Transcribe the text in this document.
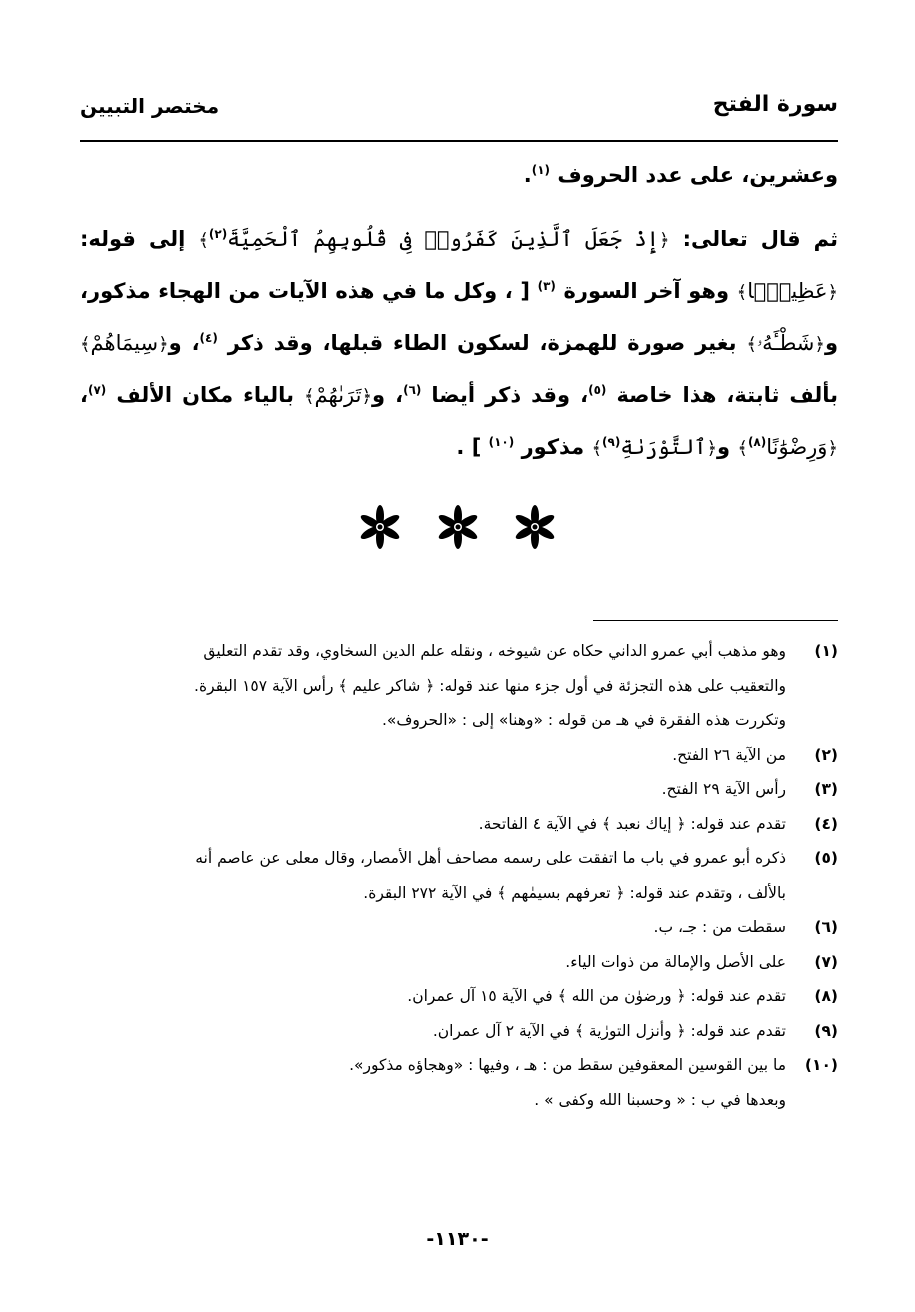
سورة الفتح
مختصر التبيين

وعشرين، على عدد الحروف $^{(١)}$.

ثم قال تعالى: ﴿إِذْ جَعَلَ ٱلَّذِينَ كَفَرُوا۟ فِى قُلُوبِهِمُ ٱلْحَمِيَّةَ$^{(٢)}$﴾ إلى قوله: ﴿عَظِيمًۢا﴾ وهو آخر السورة $^{(٣)}$ [ ، وكل ما في هذه الآيات من الهجاء مذكور، و﴿شَطْـَٔهُۥ﴾ بغير صورة للهمزة، لسكون الطاء قبلها، وقد ذكر $^{(٤)}$، و﴿سِيمَاهُمْ﴾ بألف ثابتة، هذا خاصة $^{(٥)}$، وقد ذكر أيضا $^{(٦)}$، و﴿تَرَىٰهُمْ﴾ بالياء مكان الألف $^{(٧)}$، ﴿وَرِضْوَٰنًا$^{(٨)}$﴾ و﴿ٱلتَّوْرَىٰةِ$^{(٩)}$﴾ مذكور $^{(١٠)}$ ] .

(١)
وهو مذهب أبي عمرو الداني حكاه عن شيوخه ، ونقله علم الدين السخاوي، وقد تقدم التعليق
والتعقيب على هذه التجزئة في أول جزء منها عند قوله: ﴿ شاكر عليم ﴾ رأس الآية ١٥٧ البقرة.
وتكررت هذه الفقرة في هـ من قوله : «وهنا» إلى : «الحروف».
(٢)
من الآية ٢٦ الفتح.
(٣)
رأس الآية ٢٩ الفتح.
(٤)
تقدم عند قوله: ﴿ إياك نعبد ﴾ في الآية ٤ الفاتحة.
(٥)
ذكره أبو عمرو في باب ما اتفقت على رسمه مصاحف أهل الأمصار، وقال معلى عن عاصم أنه
بالألف ، وتقدم عند قوله: ﴿ تعرفهم بسيمٰهم ﴾ في الآية ٢٧٢ البقرة.
(٦)
سقطت من : جـ، ب.
(٧)
على الأصل والإمالة من ذوات الياء.
(٨)
تقدم عند قوله: ﴿ ورضوٰن من الله ﴾ في الآية ١٥ آل عمران.
(٩)
تقدم عند قوله: ﴿ وأنزل التورٰية ﴾ في الآية ٢ آل عمران.
(١٠)
ما بين القوسين المعقوفين سقط من : هـ ، وفيها : «وهجاؤه مذكور».
وبعدها في ب : « وحسبنا الله وكفى » .
-١١٣٠-
